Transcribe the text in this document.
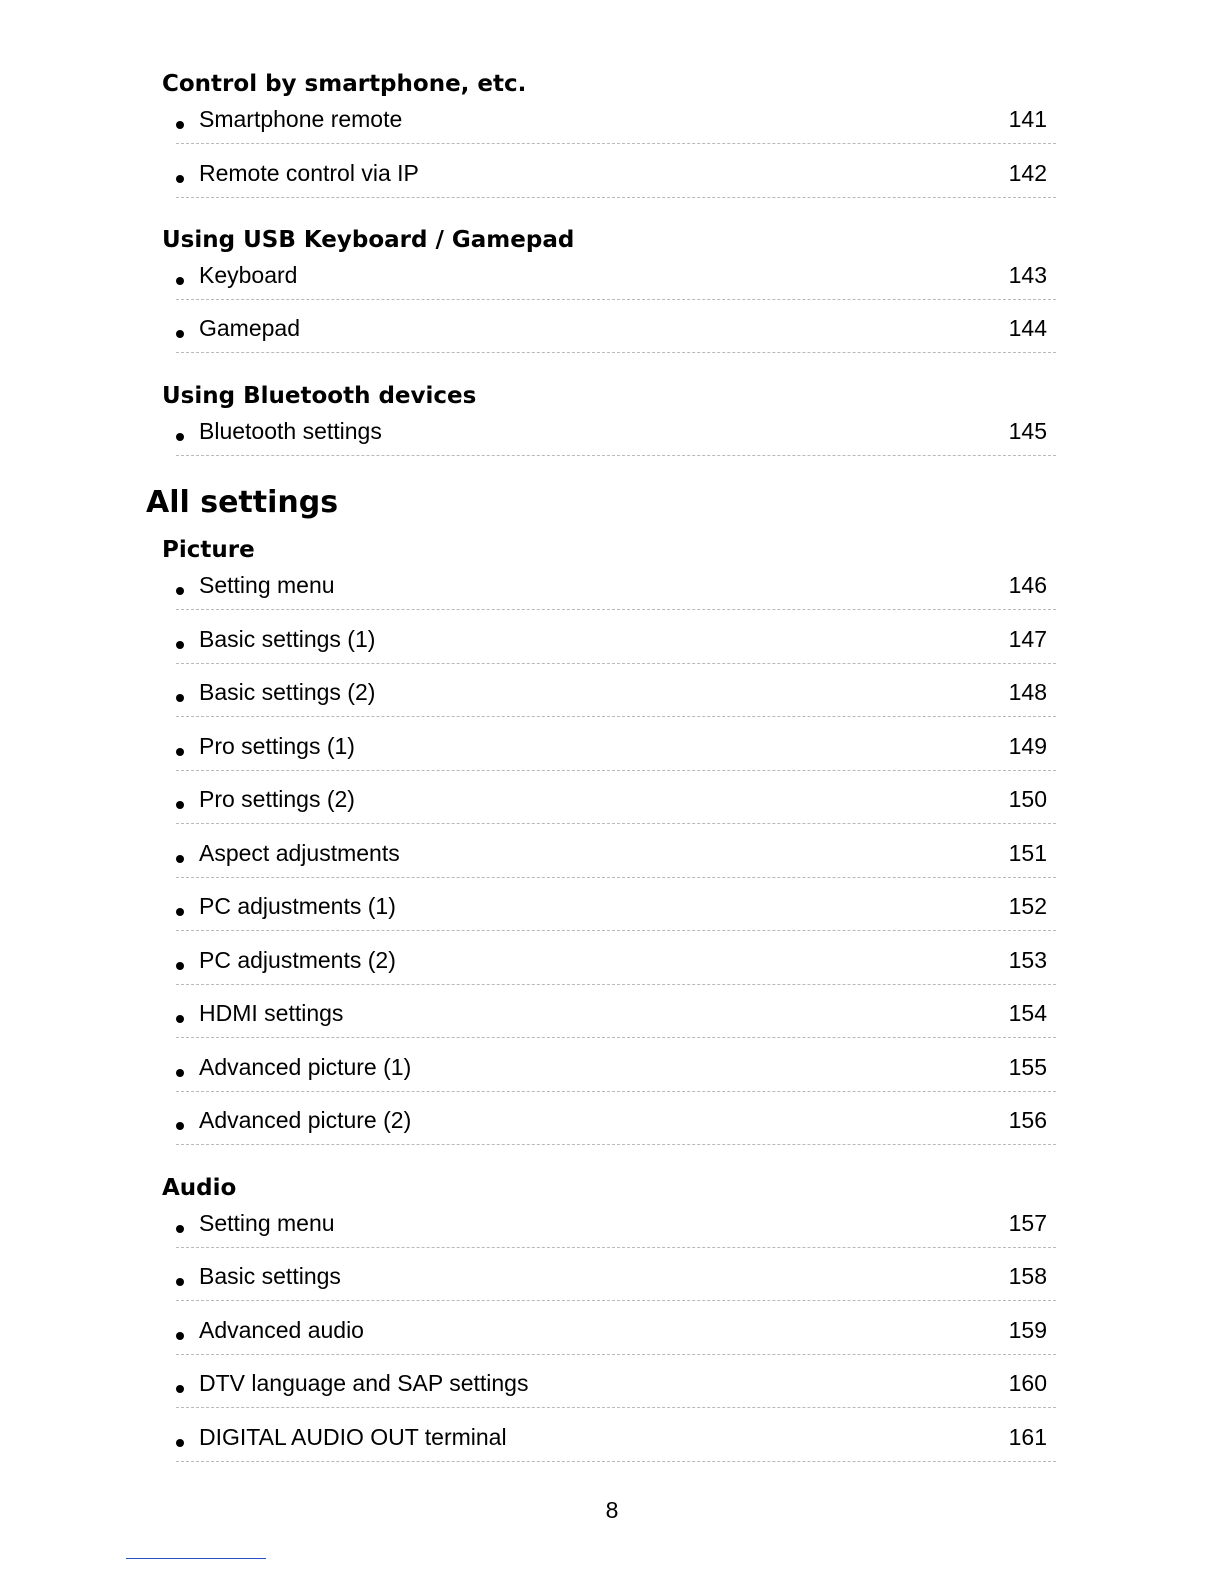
Control by smartphone, etc.
Smartphone remote	141
Remote control via IP	142
Using USB Keyboard / Gamepad
Keyboard	143
Gamepad	144
Using Bluetooth devices
Bluetooth settings	145
All settings
Picture
Setting menu	146
Basic settings (1)	147
Basic settings (2)	148
Pro settings (1)	149
Pro settings (2)	150
Aspect adjustments	151
PC adjustments (1)	152
PC adjustments (2)	153
HDMI settings	154
Advanced picture (1)	155
Advanced picture (2)	156
Audio
Setting menu	157
Basic settings	158
Advanced audio	159
DTV language and SAP settings	160
DIGITAL AUDIO OUT terminal	161
8
